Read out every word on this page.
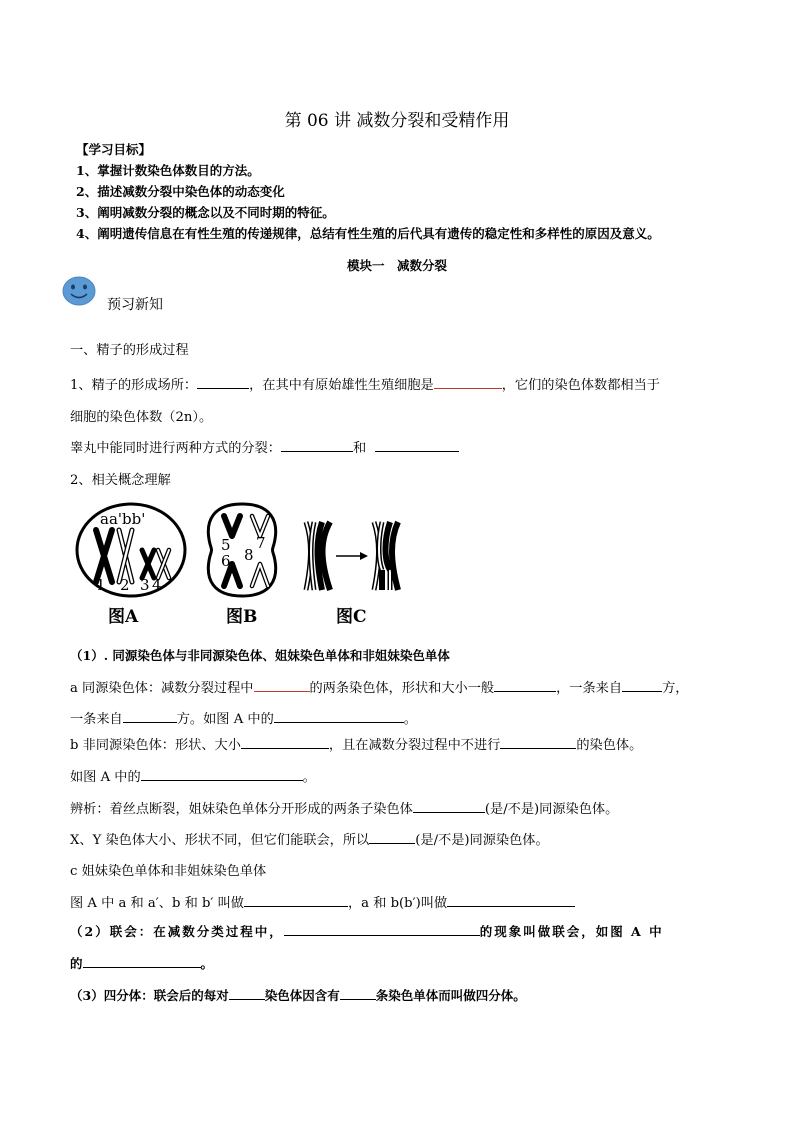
第 06 讲 减数分裂和受精作用
【学习目标】
1、掌握计数染色体数目的方法。
2、描述减数分裂中染色体的动态变化
3、阐明减数分裂的概念以及不同时期的特征。
4、阐明遗传信息在有性生殖的传递规律，总结有性生殖的后代具有遗传的稳定性和多样性的原因及意义。
模块一　减数分裂
预习新知
一、精子的形成过程
1、精子的形成场所：	，在其中有原始雄性生殖细胞是	，它们的染色体数都相当于
细胞的染色体数（2n）。
睾丸中能同时进行两种方式的分裂：	和
2、相关概念理解
aa'bb'
1 2 3 4
图A
5
6 8
7
图B	图C
（1）. 同源染色体与非同源染色体、姐妹染色单体和非姐妹染色单体
a 同源染色体：减数分裂过程中	的两条染色体，形状和大小一般	，一条来自	方，
一条来自	方。如图 A 中的	。
b 非同源染色体：形状、大小	，且在减数分裂过程中不进行	的染色体。
如图 A 中的	。
辨析：着丝点断裂，姐妹染色单体分开形成的两条子染色体	(是/不是)同源染色体。
X、Y 染色体大小、形状不同，但它们能联会，所以	(是/不是)同源染色体。
c 姐妹染色单体和非姐妹染色单体
图 A 中 a 和 a′、b 和 b′ 叫做	，a 和 b(b′)叫做
（2）联会：在减数分类过程中，	的现象叫做联会，如图 A 中
的	。
（3）四分体：联会后的每对	染色体因含有	条染色单体而叫做四分体。
